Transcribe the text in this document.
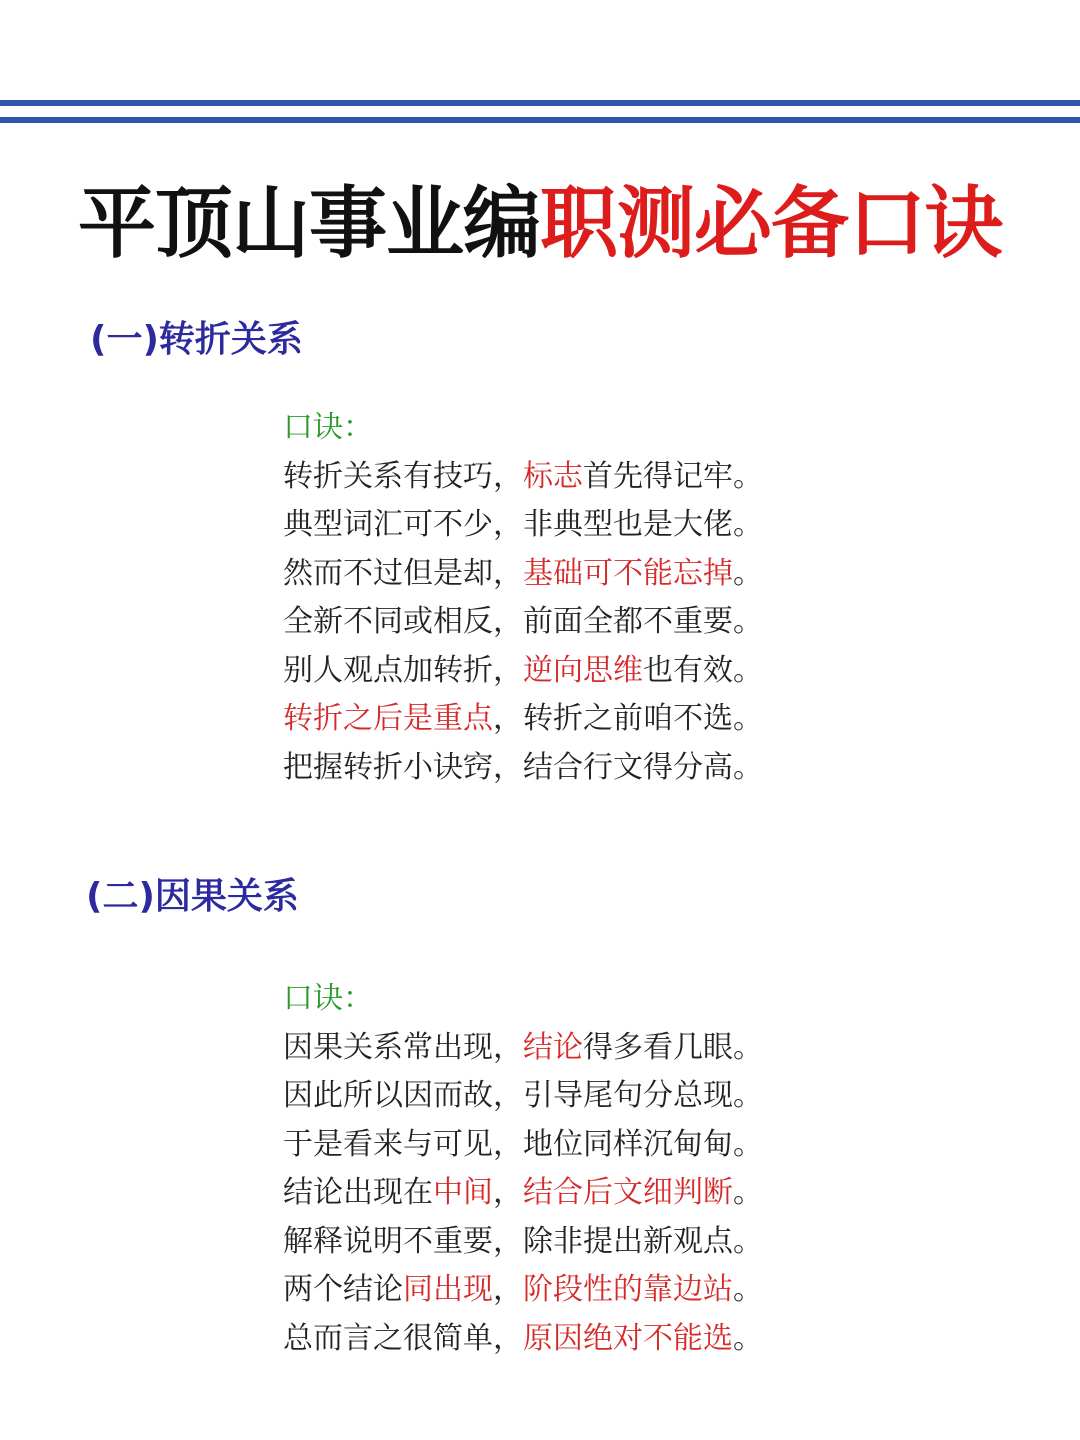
平顶山事业编职测必备口诀
(一)转折关系
口诀：
转折关系有技巧，标志首先得记牢。
典型词汇可不少，非典型也是大佬。
然而不过但是却，基础可不能忘掉。
全新不同或相反，前面全都不重要。
别人观点加转折，逆向思维也有效。
转折之后是重点，转折之前咱不选。
把握转折小诀窍，结合行文得分高。
(二)因果关系
口诀：
因果关系常出现，结论得多看几眼。
因此所以因而故，引导尾句分总现。
于是看来与可见，地位同样沉甸甸。
结论出现在中间，结合后文细判断。
解释说明不重要，除非提出新观点。
两个结论同出现，阶段性的靠边站。
总而言之很简单，原因绝对不能选。
